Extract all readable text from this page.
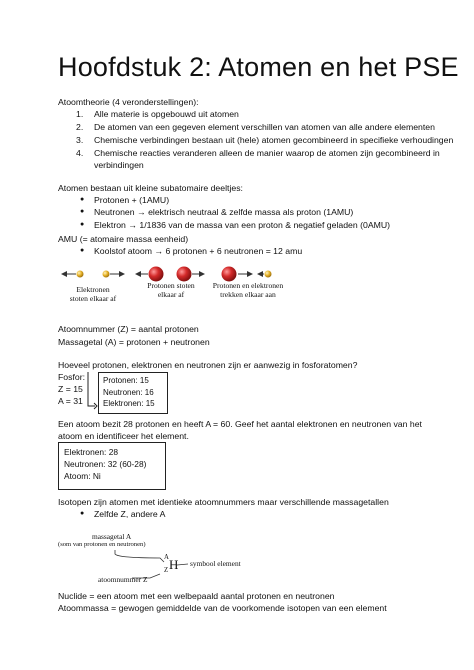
Hoofdstuk 2: Atomen en het PSE
Atoomtheorie (4 veronderstellingen):
1. Alle materie is opgebouwd uit atomen
2. De atomen van een gegeven element verschillen van atomen van alle andere elementen
3. Chemische verbindingen bestaan uit (hele) atomen gecombineerd in specifieke verhoudingen
4. Chemische reacties veranderen alleen de manier waarop de atomen zijn gecombineerd in
verbindingen
Atomen bestaan uit kleine subatomaire deeltjes:
● Protonen + (1AMU)
● Neutronen → elektrisch neutraal & zelfde massa als proton (1AMU)
● Elektron → 1/1836 van de massa van een proton & negatief geladen (0AMU)
AMU (= atomaire massa eenheid)
● Koolstof atoom → 6 protonen + 6 neutronen = 12 amu
Elektronen
stoten elkaar af
Protonen stoten
elkaar af
Protonen en elektronen
trekken elkaar aan
Atoomnummer (Z) = aantal protonen
Massagetal (A) = protonen + neutronen
Hoeveel protonen, elektronen en neutronen zijn er aanwezig in fosforatomen?
Fosfor:
Z = 15
A = 31
Protonen: 15
Neutronen: 16
Elektronen: 15
Een atoom bezit 28 protonen en heeft A = 60. Geef het aantal elektronen en neutronen van het
atoom en identificeer het element.
Elektronen: 28
Neutronen: 32 (60-28)
Atoom: Ni
Isotopen zijn atomen met identieke atoomnummers maar verschillende massagetallen
● Zelfde Z, andere A
massagetal A
(som van protonen en neutronen)
A
Z H symbool element
atoomnummer Z
Nuclide = een atoom met een welbepaald aantal protonen en neutronen
Atoommassa = gewogen gemiddelde van de voorkomende isotopen van een element
